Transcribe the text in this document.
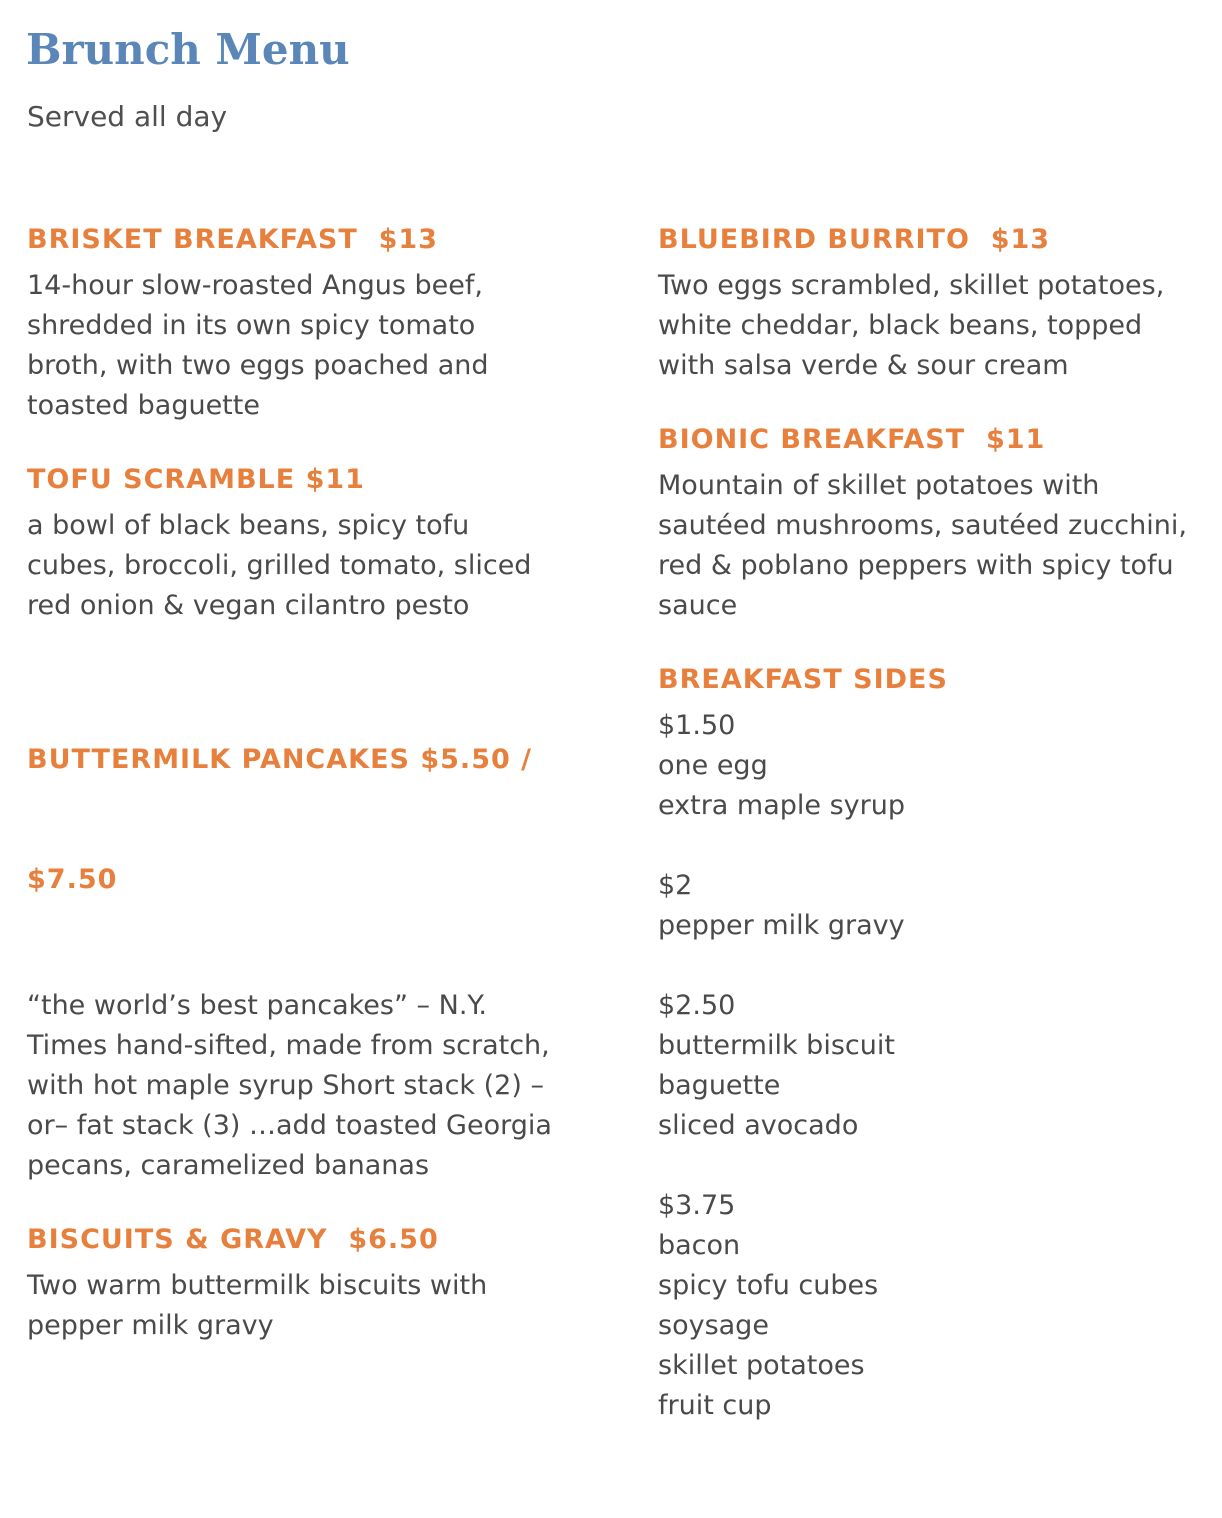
Brunch Menu

Served all day

BRISKET BREAKFAST  $13

14-hour slow-roasted Angus beef,
shredded in its own spicy tomato
broth, with two eggs poached and
toasted baguette

TOFU SCRAMBLE $11

a bowl of black beans, spicy tofu
cubes, broccoli, grilled tomato, sliced
red onion & vegan cilantro pesto

BUTTERMILK PANCAKES $5.50 /

$7.50

“the world’s best pancakes” – N.Y.
Times hand-sifted, made from scratch,
with hot maple syrup Short stack (2) –
or– fat stack (3) …add toasted Georgia
pecans, caramelized bananas

BISCUITS & GRAVY  $6.50

Two warm buttermilk biscuits with
pepper milk gravy

BLUEBIRD BURRITO  $13

Two eggs scrambled, skillet potatoes,
white cheddar, black beans, topped
with salsa verde & sour cream

BIONIC BREAKFAST  $11

Mountain of skillet potatoes with
sautéed mushrooms, sautéed zucchini,
red & poblano peppers with spicy tofu
sauce

BREAKFAST SIDES
$1.50
one egg
extra maple syrup
$2
pepper milk gravy
$2.50
buttermilk biscuit
baguette
sliced avocado
$3.75
bacon
spicy tofu cubes
soysage
skillet potatoes
fruit cup
